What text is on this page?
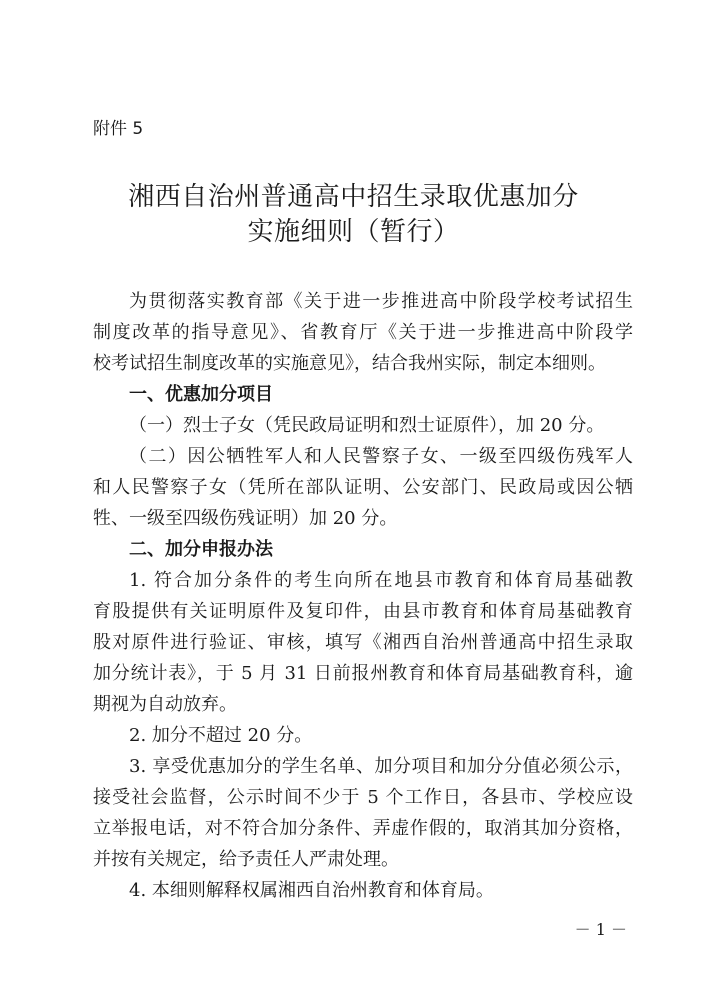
附件 5
湘西自治州普通高中招生录取优惠加分
实施细则（暂行）
为贯彻落实教育部《关于进一步推进高中阶段学校考试招生
制度改革的指导意见》、省教育厅《关于进一步推进高中阶段学
校考试招生制度改革的实施意见》，结合我州实际，制定本细则。
一、优惠加分项目
（一）烈士子女（凭民政局证明和烈士证原件），加 20 分。
（二）因公牺牲军人和人民警察子女、一级至四级伤残军人
和人民警察子女（凭所在部队证明、公安部门、民政局或因公牺
牲、一级至四级伤残证明）加 20 分。
二、加分申报办法
1. 符合加分条件的考生向所在地县市教育和体育局基础教
育股提供有关证明原件及复印件，由县市教育和体育局基础教育
股对原件进行验证、审核，填写《湘西自治州普通高中招生录取
加分统计表》，于 5 月 31 日前报州教育和体育局基础教育科，逾
期视为自动放弃。
2. 加分不超过 20 分。
3. 享受优惠加分的学生名单、加分项目和加分分值必须公示，
接受社会监督，公示时间不少于 5 个工作日，各县市、学校应设
立举报电话，对不符合加分条件、弄虚作假的，取消其加分资格，
并按有关规定，给予责任人严肃处理。
4. 本细则解释权属湘西自治州教育和体育局。
－ 1 －
